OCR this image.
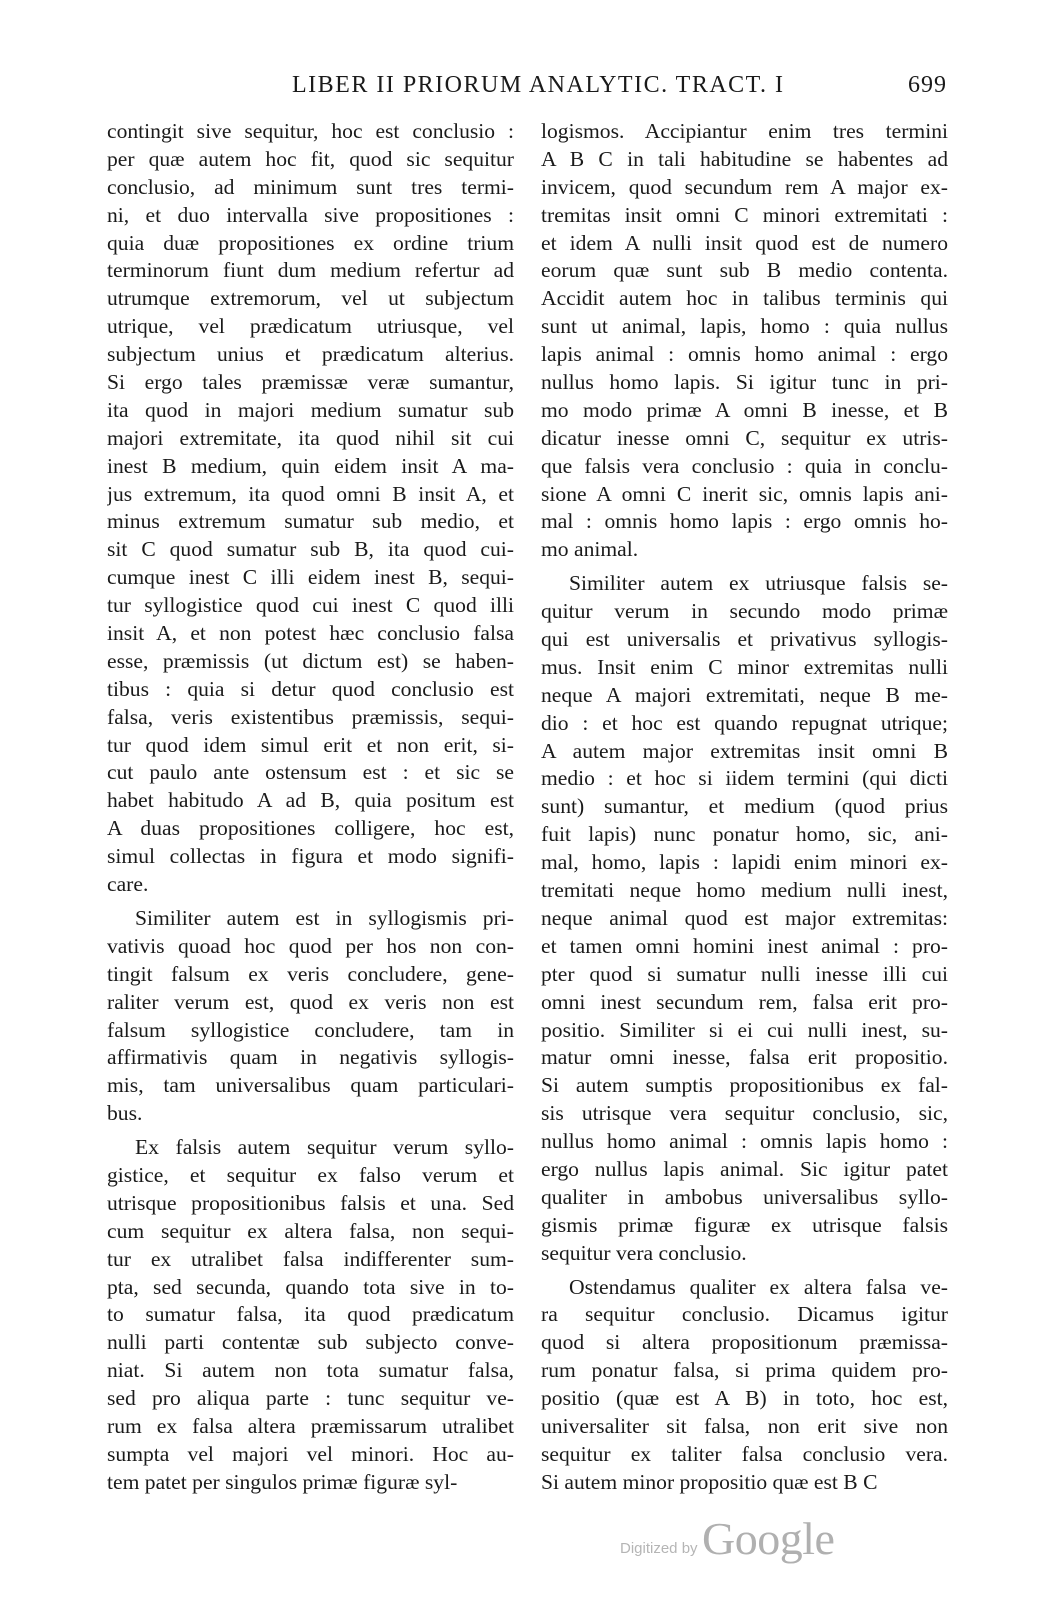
LIBER II PRIORUM ANALYTIC. TRACT. I	699
contingit sive sequitur, hoc est conclusio :
per quæ autem hoc fit, quod sic sequitur
conclusio, ad minimum sunt tres termi-
ni, et duo intervalla sive propositiones :
quia duæ propositiones ex ordine trium
terminorum fiunt dum medium refertur ad
utrumque extremorum, vel ut subjectum
utrique, vel prædicatum utriusque, vel
subjectum unius et prædicatum alterius.
Si ergo tales præmissæ veræ sumantur,
ita quod in majori medium sumatur sub
majori extremitate, ita quod nihil sit cui
inest B medium, quin eidem insit A ma-
jus extremum, ita quod omni B insit A, et
minus extremum sumatur sub medio, et
sit C quod sumatur sub B, ita quod cui-
cumque inest C illi eidem inest B, sequi-
tur syllogistice quod cui inest C quod illi
insit A, et non potest hæc conclusio falsa
esse, præmissis (ut dictum est) se haben-
tibus : quia si detur quod conclusio est
falsa, veris existentibus præmissis, sequi-
tur quod idem simul erit et non erit, si-
cut paulo ante ostensum est : et sic se
habet habitudo A ad B, quia positum est
A duas propositiones colligere, hoc est,
simul collectas in figura et modo signifi-
care.
Similiter autem est in syllogismis pri-
vativis quoad hoc quod per hos non con-
tingit falsum ex veris concludere, gene-
raliter verum est, quod ex veris non est
falsum syllogistice concludere, tam in
affirmativis quam in negativis syllogis-
mis, tam universalibus quam particulari-
bus.
Ex falsis autem sequitur verum syllo-
gistice, et sequitur ex falso verum et
utrisque propositionibus falsis et una. Sed
cum sequitur ex altera falsa, non sequi-
tur ex utralibet falsa indifferenter sum-
pta, sed secunda, quando tota sive in to-
to sumatur falsa, ita quod prædicatum
nulli parti contentæ sub subjecto conve-
niat. Si autem non tota sumatur falsa,
sed pro aliqua parte : tunc sequitur ve-
rum ex falsa altera præmissarum utralibet
sumpta vel majori vel minori. Hoc au-
tem patet per singulos primæ figuræ syl-
logismos. Accipiantur enim tres termini
A B C in tali habitudine se habentes ad
invicem, quod secundum rem A major ex-
tremitas insit omni C minori extremitati :
et idem A nulli insit quod est de numero
eorum quæ sunt sub B medio contenta.
Accidit autem hoc in talibus terminis qui
sunt ut animal, lapis, homo : quia nullus
lapis animal : omnis homo animal : ergo
nullus homo lapis. Si igitur tunc in pri-
mo modo primæ A omni B inesse, et B
dicatur inesse omni C, sequitur ex utris-
que falsis vera conclusio : quia in conclu-
sione A omni C inerit sic, omnis lapis ani-
mal : omnis homo lapis : ergo omnis ho-
mo animal.
Similiter autem ex utriusque falsis se-
quitur verum in secundo modo primæ
qui est universalis et privativus syllogis-
mus. Insit enim C minor extremitas nulli
neque A majori extremitati, neque B me-
dio : et hoc est quando repugnat utrique;
A autem major extremitas insit omni B
medio : et hoc si iidem termini (qui dicti
sunt) sumantur, et medium (quod prius
fuit lapis) nunc ponatur homo, sic, ani-
mal, homo, lapis : lapidi enim minori ex-
tremitati neque homo medium nulli inest,
neque animal quod est major extremitas:
et tamen omni homini inest animal : pro-
pter quod si sumatur nulli inesse illi cui
omni inest secundum rem, falsa erit pro-
positio. Similiter si ei cui nulli inest, su-
matur omni inesse, falsa erit propositio.
Si autem sumptis propositionibus ex fal-
sis utrisque vera sequitur conclusio, sic,
nullus homo animal : omnis lapis homo :
ergo nullus lapis animal. Sic igitur patet
qualiter in ambobus universalibus syllo-
gismis primæ figuræ ex utrisque falsis
sequitur vera conclusio.
Ostendamus qualiter ex altera falsa ve-
ra sequitur conclusio. Dicamus igitur
quod si altera propositionum præmissa-
rum ponatur falsa, si prima quidem pro-
positio (quæ est A B) in toto, hoc est,
universaliter sit falsa, non erit sive non
sequitur ex taliter falsa conclusio vera.
Si autem minor propositio quæ est B C
Digitized by Google
